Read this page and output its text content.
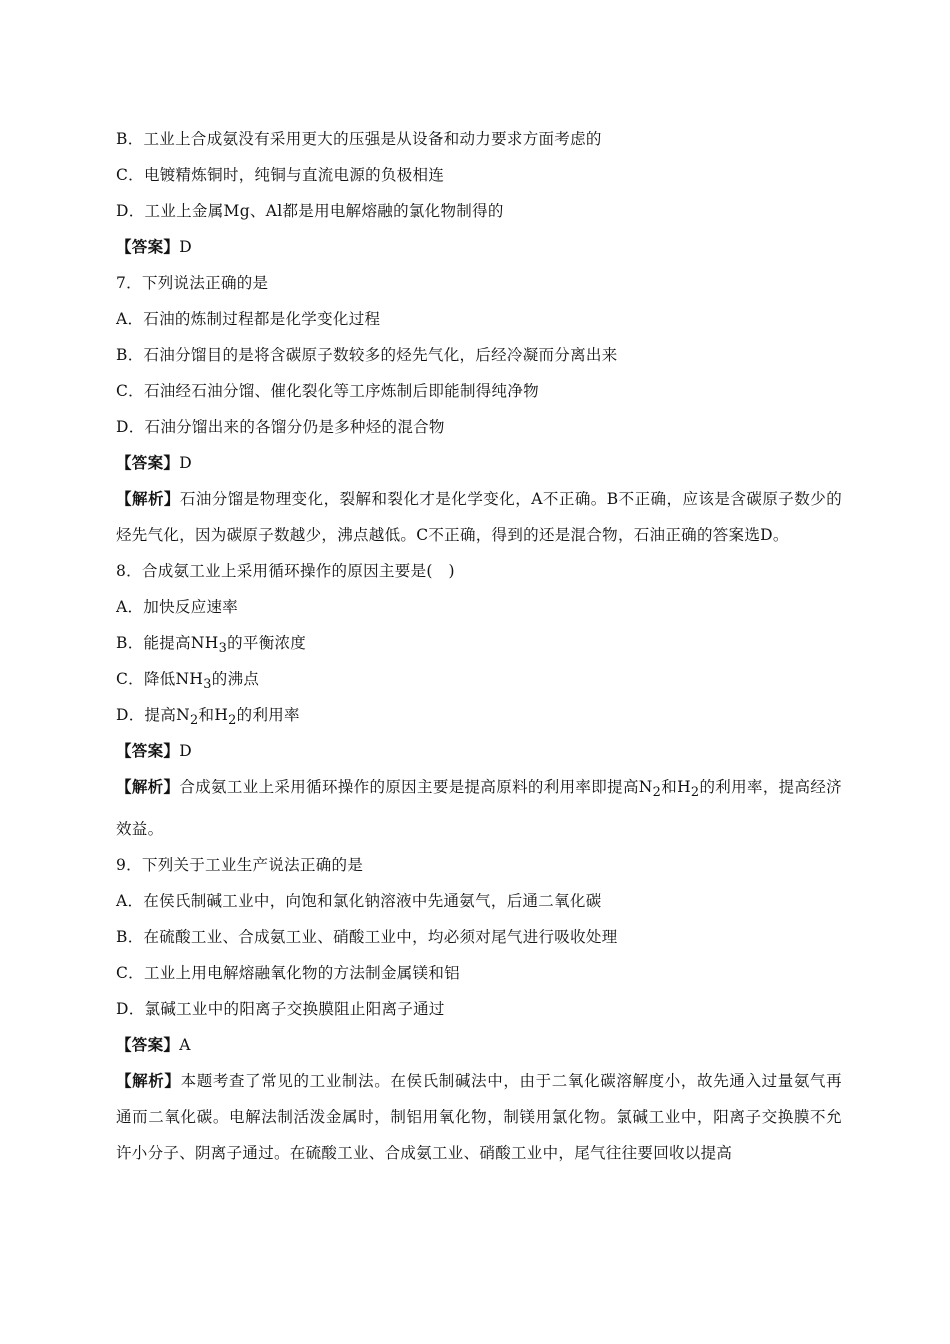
B．工业上合成氨没有采用更大的压强是从设备和动力要求方面考虑的
C．电镀精炼铜时，纯铜与直流电源的负极相连
D．工业上金属Mg、Al都是用电解熔融的氯化物制得的
【答案】D
7．下列说法正确的是
A．石油的炼制过程都是化学变化过程
B．石油分馏目的是将含碳原子数较多的烃先气化，后经冷凝而分离出来
C．石油经石油分馏、催化裂化等工序炼制后即能制得纯净物
D．石油分馏出来的各馏分仍是多种烃的混合物
【答案】D
【解析】石油分馏是物理变化，裂解和裂化才是化学变化，A不正确。B不正确，应该是含碳原子数少的烃先气化，因为碳原子数越少，沸点越低。C不正确，得到的还是混合物，石油正确的答案选D。
8．合成氨工业上采用循环操作的原因主要是(　)
A．加快反应速率
B．能提高$NH_3$的平衡浓度
C．降低$NH_3$的沸点
D．提高$N_2$和$H_2$的利用率
【答案】D
【解析】合成氨工业上采用循环操作的原因主要是提高原料的利用率即提高$N_2$和$H_2$的利用率，提高经济效益。
9．下列关于工业生产说法正确的是
A．在侯氏制碱工业中，向饱和氯化钠溶液中先通氨气，后通二氧化碳
B．在硫酸工业、合成氨工业、硝酸工业中，均必须对尾气进行吸收处理
C．工业上用电解熔融氧化物的方法制金属镁和铝
D．氯碱工业中的阳离子交换膜阻止阳离子通过
【答案】A
【解析】本题考查了常见的工业制法。在侯氏制碱法中，由于二氧化碳溶解度小，故先通入过量氨气再通而二氧化碳。电解法制活泼金属时，制铝用氧化物，制镁用氯化物。氯碱工业中，阳离子交换膜不允许小分子、阴离子通过。在硫酸工业、合成氨工业、硝酸工业中，尾气往往要回收以提高
